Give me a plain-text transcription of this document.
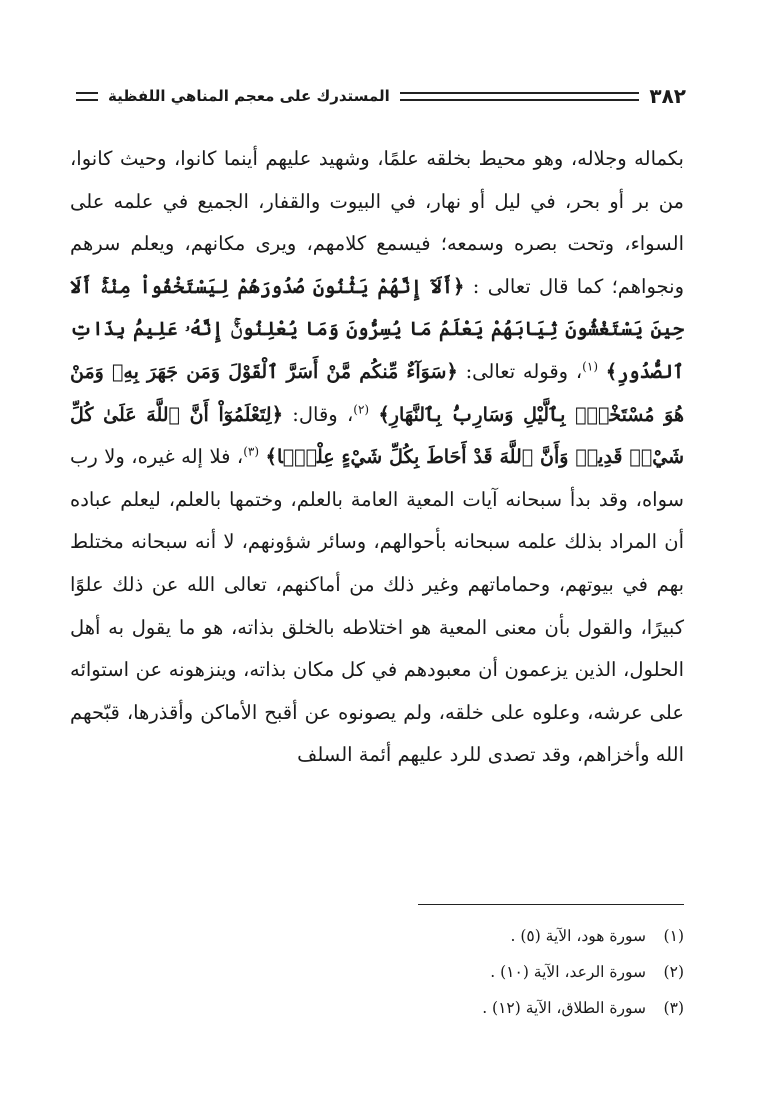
٣٨٢
المستدرك على معجم المناهي اللفظية

بكماله وجلاله، وهو محيط بخلقه علمًا، وشهيد عليهم أينما كانوا، وحيث كانوا، من بر أو بحر، في ليل أو نهار، في البيوت والقفار، الجميع في علمه على السواء، وتحت بصره وسمعه؛ فيسمع كلامهم، ويرى مكانهم، ويعلم سرهم ونجواهم؛ كما قال تعالى : ﴿أَلَآ إِنَّهُمْ يَثْنُونَ صُدُورَهُمْ لِيَسْتَخْفُواْ مِنْهُۚ أَلَا حِينَ يَسْتَغْشُونَ ثِيَابَهُمْ يَعْلَمُ مَا يُسِرُّونَ وَمَا يُعْلِنُونَۚ إِنَّهُۥ عَلِيمُۢ بِذَاتِ ٱلصُّدُورِ﴾ $^{(١)}$، وقوله تعالى: ﴿سَوَآءٌ مِّنكُم مَّنْ أَسَرَّ ٱلْقَوْلَ وَمَن جَهَرَ بِهِۦ وَمَنْ هُوَ مُسْتَخْفِۭ بِٱلَّيْلِ وَسَارِبُۢ بِٱلنَّهَارِ﴾ $^{(٢)}$، وقال: ﴿لِتَعْلَمُوٓاْ أَنَّ ٱللَّهَ عَلَىٰ كُلِّ شَيْءٖ قَدِيرٞ وَأَنَّ ٱللَّهَ قَدْ أَحَاطَ بِكُلِّ شَيْءٍ عِلْمَۢا﴾ $^{(٣)}$، فلا إله غيره، ولا رب سواه، وقد بدأ سبحانه آيات المعية العامة بالعلم، وختمها بالعلم، ليعلم عباده أن المراد بذلك علمه سبحانه بأحوالهم، وسائر شؤونهم، لا أنه سبحانه مختلط بهم في بيوتهم، وحماماتهم وغير ذلك من أماكنهم، تعالى الله عن ذلك علوًا كبيرًا، والقول بأن معنى المعية هو اختلاطه بالخلق بذاته، هو ما يقول به أهل الحلول، الذين يزعمون أن معبودهم في كل مكان بذاته، وينزهونه عن استوائه على عرشه، وعلوه على خلقه، ولم يصونوه عن أقبح الأماكن وأقذرها، قبّحهم الله وأخزاهم، وقد تصدى للرد عليهم أئمة السلف

(١)
سورة هود، الآية (٥) .
(٢)
سورة الرعد، الآية (١٠) .
(٣)
سورة الطلاق، الآية (١٢) .
